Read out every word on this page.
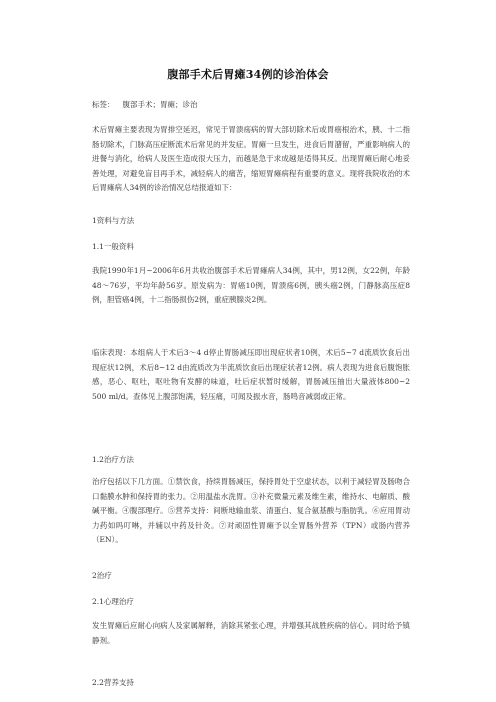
腹部手术后胃瘫34例的诊治体会

标签： 腹部手术；胃瘫；诊治

术后胃瘫主要表现为胃排空延迟，常见于胃溃疡病的胃大部切除术后或胃癌根治术，胰、十二指肠切除术，门脉高压症断流术后常见的并发症。胃瘫一旦发生，进食后胃潴留，严重影响病人的进餐与消化，给病人及医生造成很大压力，而越是急于求成越是适得其反。出现胃瘫后耐心地妥善处理，对避免盲目再手术，减轻病人的痛苦，缩短胃瘫病程有重要的意义。现将我院收治的术后胃瘫病人34例的诊治情况总结报道如下：

1资料与方法

1.1一般资料

我院1990年1月~2006年6月共收治腹部手术后胃瘫病人34例，其中，男12例，女22例，年龄48～76岁，平均年龄56岁。原发病为：胃癌10例，胃溃疡6例，胰头癌2例，门静脉高压症8例，胆管癌4例，十二指肠损伤2例，重症胰腺炎2例。

临床表现：本组病人于术后3～4 d停止胃肠减压即出现症状者10例，术后5~7 d流质饮食后出现症状12例，术后8~12 d由流质改为半流质饮食后出现症状者12例。病人表现为进食后腹饱胀感，恶心、呕吐，呕吐物有发酵的味道，吐后症状暂时缓解，胃肠减压抽出大量液体800~2 500 ml/d。查体见上腹部饱满，轻压痛，可闻及振水音，肠鸣音减弱或正常。

1.2治疗方法

治疗包括以下几方面。①禁饮食，持续胃肠减压，保持胃处于空虚状态，以利于减轻胃及肠吻合口黏膜水肿和保持胃的张力。②用温盐水洗胃。③补充微量元素及维生素，维持水、电解质、酸碱平衡。④腹部理疗。⑤营养支持：间断地输血浆、清蛋白、复合氨基酸与脂肪乳。⑥应用胃动力药如吗叮啉，并辅以中药及针灸。⑦对顽固性胃瘫予以全胃肠外营养（TPN）或肠内营养（EN）。

2治疗

2.1心理治疗

发生胃瘫后应耐心向病人及家属解释，消除其紧张心理，并增强其战胜疾病的信心。同时给予镇静剂。

2.2营养支持
